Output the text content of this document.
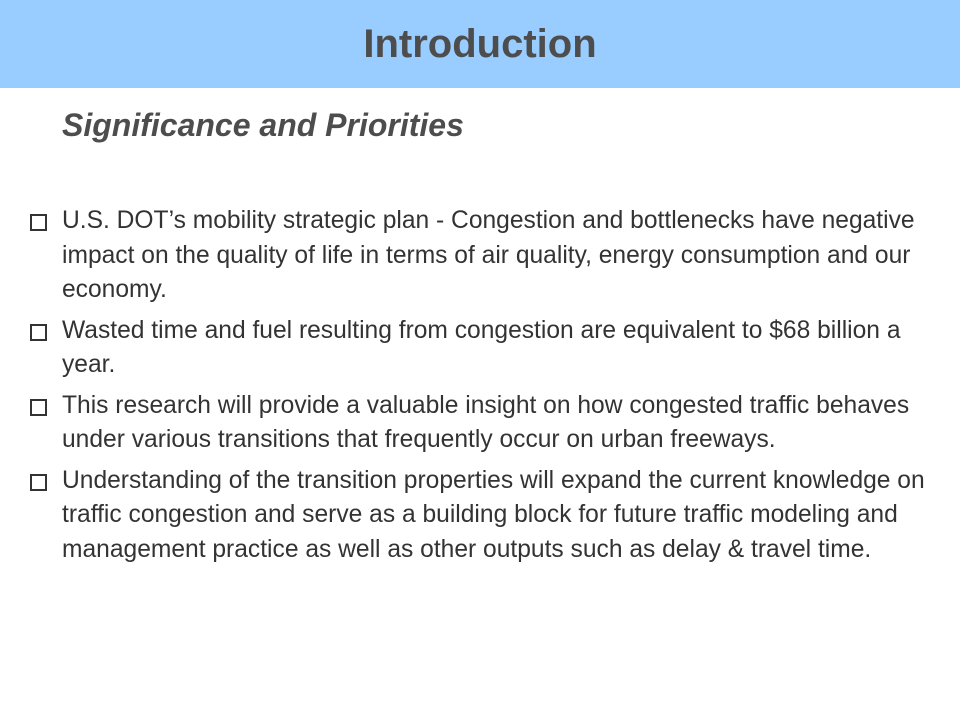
Introduction
Significance and Priorities
U.S. DOT’s mobility strategic plan - Congestion and bottlenecks have negative impact on the quality of life in terms of air quality, energy consumption and our economy.
Wasted time and fuel resulting from congestion are equivalent to $68 billion a year.
This research will provide a valuable insight on how congested traffic behaves under various transitions that frequently occur on urban freeways.
Understanding of the transition properties will expand the current knowledge on traffic congestion and serve as a building block for future traffic modeling and management practice as well as other outputs such as delay & travel time.
